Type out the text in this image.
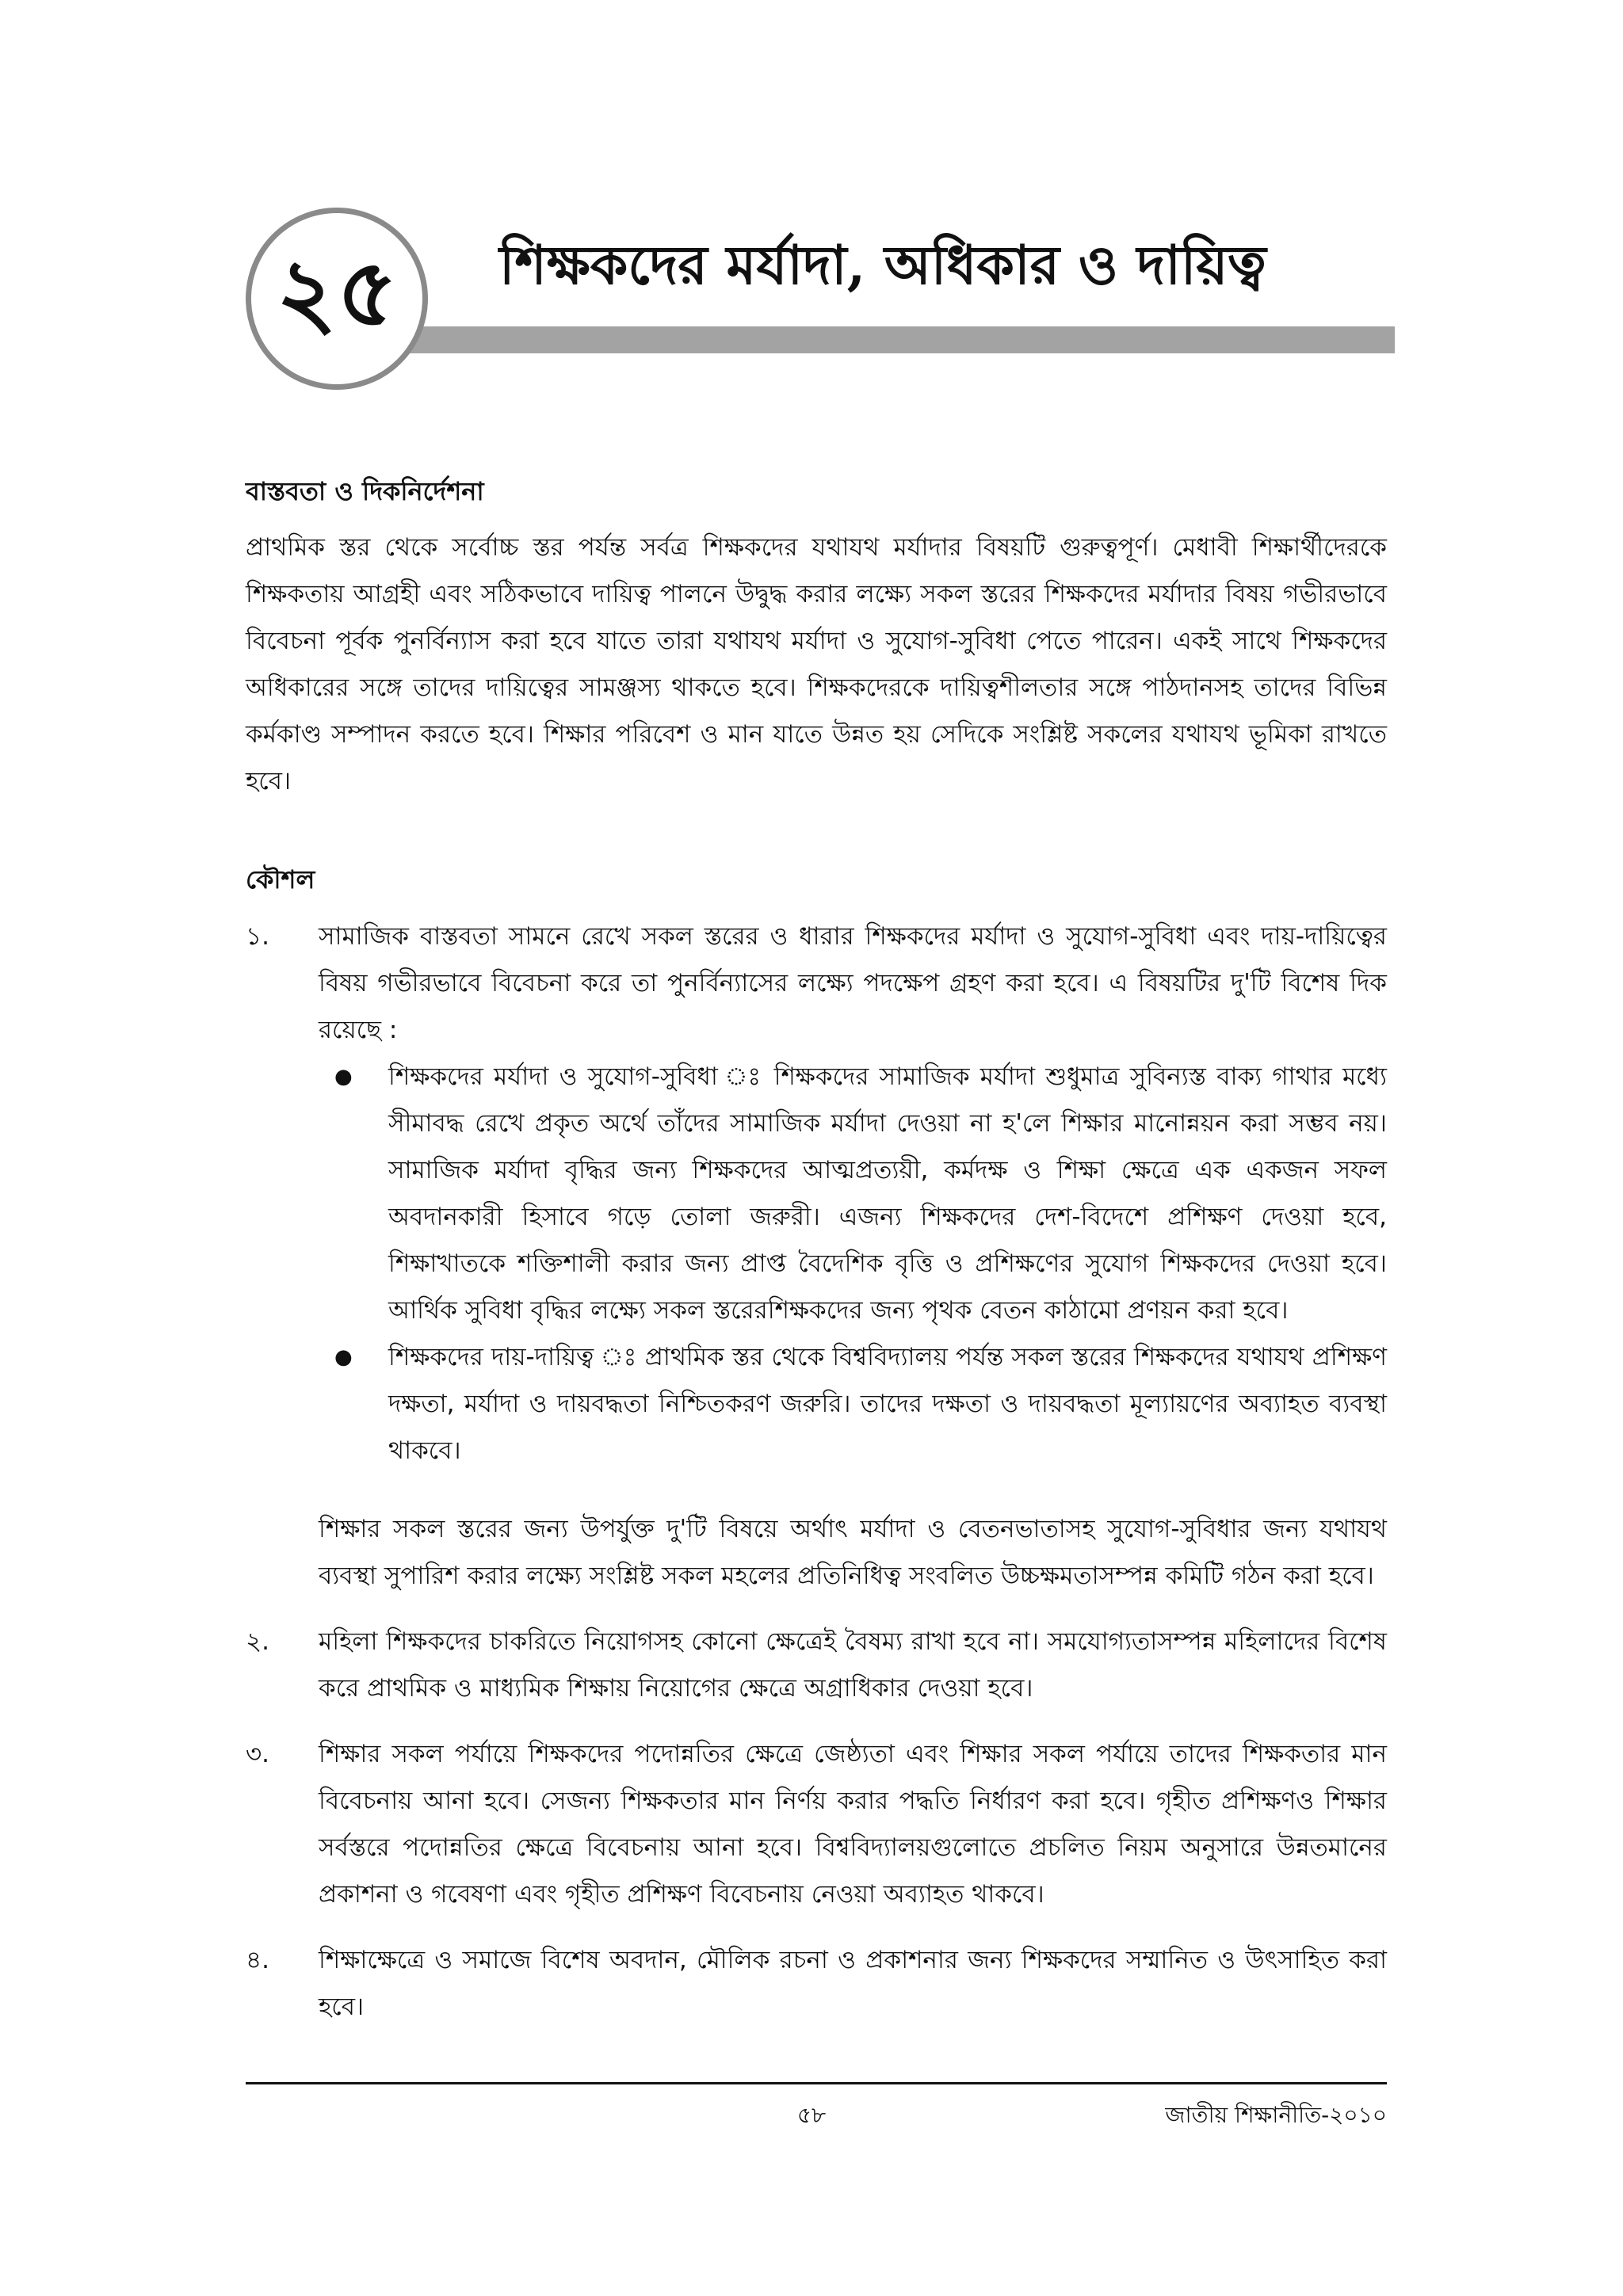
২৫	শিক্ষকদের মর্যাদা, অধিকার ও দায়িত্ব
বাস্তবতা ও দিকনির্দেশনা

প্রাথমিক স্তর থেকে সর্বোচ্চ স্তর পর্যন্ত সর্বত্র শিক্ষকদের যথাযথ মর্যাদার বিষয়টি গুরুত্বপূর্ণ। মেধাবী শিক্ষার্থীদেরকে শিক্ষকতায় আগ্রহী এবং সঠিকভাবে দায়িত্ব পালনে উদ্বুদ্ধ করার লক্ষ্যে সকল স্তরের শিক্ষকদের মর্যাদার বিষয় গভীরভাবে বিবেচনা পূর্বক পুনর্বিন্যাস করা হবে যাতে তারা যথাযথ মর্যাদা ও সুযোগ-সুবিধা পেতে পারেন। একই সাথে শিক্ষকদের অধিকারের সঙ্গে তাদের দায়িত্বের সামঞ্জস্য থাকতে হবে। শিক্ষকদেরকে দায়িত্বশীলতার সঙ্গে পাঠদানসহ তাদের বিভিন্ন কর্মকাণ্ড সম্পাদন করতে হবে। শিক্ষার পরিবেশ ও মান যাতে উন্নত হয় সেদিকে সংশ্লিষ্ট সকলের যথাযথ ভূমিকা রাখতে হবে।

কৌশল
১. সামাজিক বাস্তবতা সামনে রেখে সকল স্তরের ও ধারার শিক্ষকদের মর্যাদা ও সুযোগ-সুবিধা এবং দায়-দায়িত্বের বিষয় গভীরভাবে বিবেচনা করে তা পুনর্বিন্যাসের লক্ষ্যে পদক্ষেপ গ্রহণ করা হবে। এ বিষয়টির দু'টি বিশেষ দিক রয়েছে :

● শিক্ষকদের মর্যাদা ও সুযোগ-সুবিধা ঃ শিক্ষকদের সামাজিক মর্যাদা শুধুমাত্র সুবিন্যস্ত বাক্য গাথার মধ্যে সীমাবদ্ধ রেখে প্রকৃত অর্থে তাঁদের সামাজিক মর্যাদা দেওয়া না হ'লে শিক্ষার মানোন্নয়ন করা সম্ভব নয়। সামাজিক মর্যাদা বৃদ্ধির জন্য শিক্ষকদের আত্মপ্রত্যয়ী, কর্মদক্ষ ও শিক্ষা ক্ষেত্রে এক একজন সফল অবদানকারী হিসাবে গড়ে তোলা জরুরী। এজন্য শিক্ষকদের দেশ-বিদেশে প্রশিক্ষণ দেওয়া হবে, শিক্ষাখাতকে শক্তিশালী করার জন্য প্রাপ্ত বৈদেশিক বৃত্তি ও প্রশিক্ষণের সুযোগ শিক্ষকদের দেওয়া হবে। আর্থিক সুবিধা বৃদ্ধির লক্ষ্যে সকল স্তরেরশিক্ষকদের জন্য পৃথক বেতন কাঠামো প্রণয়ন করা হবে।

● শিক্ষকদের দায়-দায়িত্ব ঃ প্রাথমিক স্তর থেকে বিশ্ববিদ্যালয় পর্যন্ত সকল স্তরের শিক্ষকদের যথাযথ প্রশিক্ষণ দক্ষতা, মর্যাদা ও দায়বদ্ধতা নিশ্চিতকরণ জরুরি। তাদের দক্ষতা ও দায়বদ্ধতা মূল্যায়ণের অব্যাহত ব্যবস্থা থাকবে।

শিক্ষার সকল স্তরের জন্য উপর্যুক্ত দু'টি বিষয়ে অর্থাৎ মর্যাদা ও বেতনভাতাসহ সুযোগ-সুবিধার জন্য যথাযথ ব্যবস্থা সুপারিশ করার লক্ষ্যে সংশ্লিষ্ট সকল মহলের প্রতিনিধিত্ব সংবলিত উচ্চক্ষমতাসম্পন্ন কমিটি গঠন করা হবে।

২. মহিলা শিক্ষকদের চাকরিতে নিয়োগসহ কোনো ক্ষেত্রেই বৈষম্য রাখা হবে না। সমযোগ্যতাসম্পন্ন মহিলাদের বিশেষ করে প্রাথমিক ও মাধ্যমিক শিক্ষায় নিয়োগের ক্ষেত্রে অগ্রাধিকার দেওয়া হবে।

৩. শিক্ষার সকল পর্যায়ে শিক্ষকদের পদোন্নতির ক্ষেত্রে জেষ্ঠ্যতা এবং শিক্ষার সকল পর্যায়ে তাদের শিক্ষকতার মান বিবেচনায় আনা হবে। সেজন্য শিক্ষকতার মান নির্ণয় করার পদ্ধতি নির্ধারণ করা হবে। গৃহীত প্রশিক্ষণও শিক্ষার সর্বস্তরে পদোন্নতির ক্ষেত্রে বিবেচনায় আনা হবে। বিশ্ববিদ্যালয়গুলোতে প্রচলিত নিয়ম অনুসারে উন্নতমানের প্রকাশনা ও গবেষণা এবং গৃহীত প্রশিক্ষণ বিবেচনায় নেওয়া অব্যাহত থাকবে।

৪. শিক্ষাক্ষেত্রে ও সমাজে বিশেষ অবদান, মৌলিক রচনা ও প্রকাশনার জন্য শিক্ষকদের সম্মানিত ও উৎসাহিত করা হবে।

৫৮	জাতীয় শিক্ষানীতি-২০১০
